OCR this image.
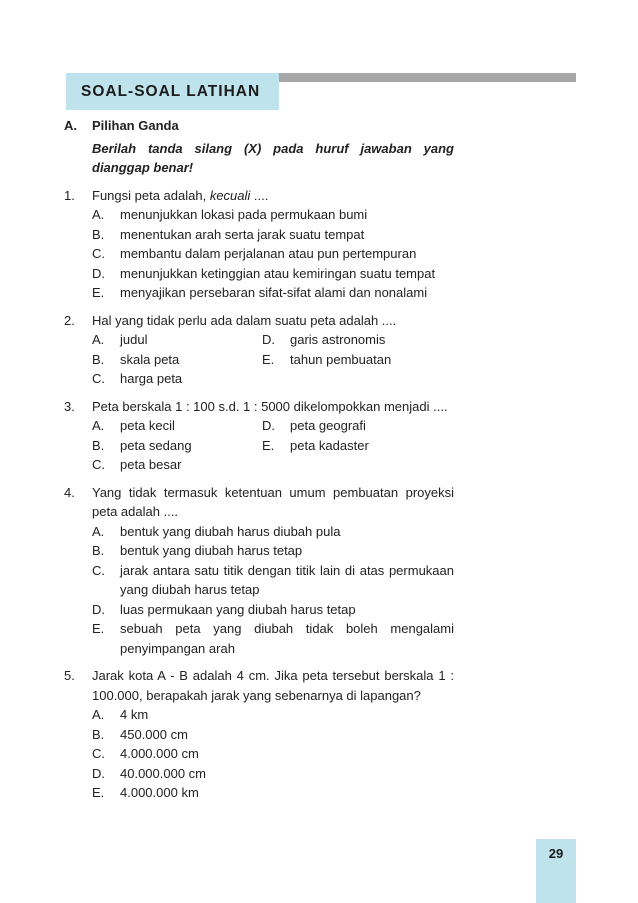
SOAL-SOAL LATIHAN
A.	Pilihan Ganda
Berilah tanda silang (X) pada huruf jawaban yang dianggap benar!
1.	Fungsi peta adalah, kecuali ....
A.	menunjukkan lokasi pada permukaan bumi
B.	menentukan arah serta jarak suatu tempat
C.	membantu dalam perjalanan atau pun pertempuran
D.	menunjukkan ketinggian atau kemiringan suatu tempat
E.	menyajikan persebaran sifat-sifat alami dan nonalami
2.	Hal yang tidak perlu ada dalam suatu peta adalah ....
A.	judul	D.	garis astronomis
B.	skala peta	E.	tahun pembuatan
C.	harga peta
3.	Peta berskala 1 : 100 s.d. 1 : 5000 dikelompokkan menjadi ....
A.	peta kecil	D.	peta geografi
B.	peta sedang	E.	peta kadaster
C.	peta besar
4.	Yang tidak termasuk ketentuan umum pembuatan proyeksi peta adalah ....
A.	bentuk yang diubah harus diubah pula
B.	bentuk yang diubah harus tetap
C.	jarak antara satu titik dengan titik lain di atas permukaan yang diubah harus tetap
D.	luas permukaan yang diubah harus tetap
E.	sebuah peta yang diubah tidak boleh mengalami penyimpangan arah
5.	Jarak kota A - B adalah 4 cm. Jika peta tersebut berskala 1 : 100.000, berapakah jarak yang sebenarnya di lapangan?
A.	4 km
B.	450.000 cm
C.	4.000.000 cm
D.	40.000.000 cm
E.	4.000.000 km
29
